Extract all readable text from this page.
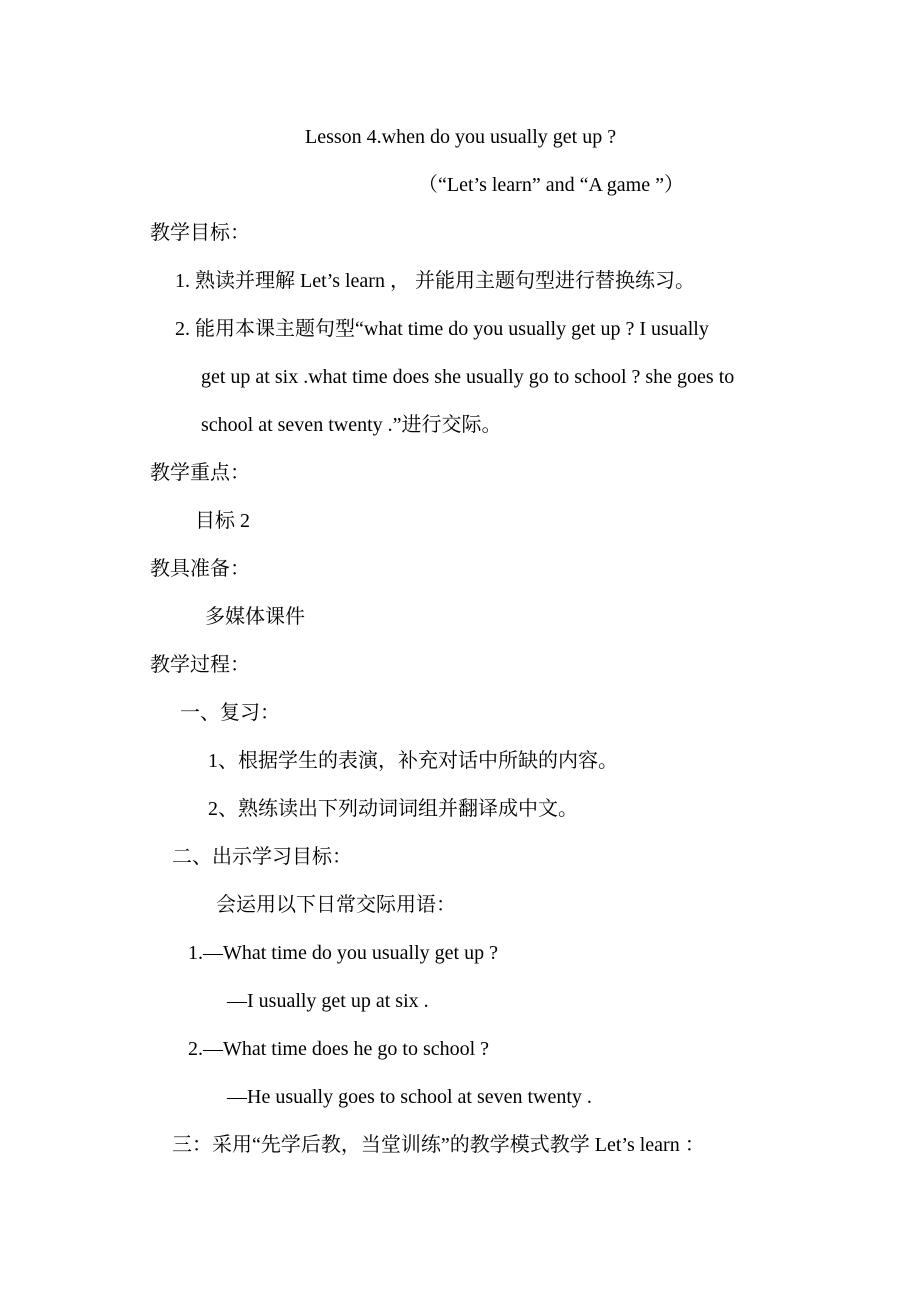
Lesson 4.when do you usually get up ?
（“Let’s learn” and “A game ”）
教学目标：
1. 熟读并理解 Let’s learn ， 并能用主题句型进行替换练习。
2. 能用本课主题句型“what time do you usually get up ? I usually
get up at six .what time does she usually go to school ? she goes to
school at seven twenty .”进行交际。
教学重点：
目标 2
教具准备：
多媒体课件
教学过程：
一、复习：
1、根据学生的表演，补充对话中所缺的内容。
2、熟练读出下列动词词组并翻译成中文。
二、出示学习目标：
会运用以下日常交际用语：
1.—What time do you usually get up ?
—I usually get up at six .
2.—What time does he go to school ?
—He usually goes to school at seven twenty .
三：采用“先学后教，当堂训练”的教学模式教学 Let’s learn ：
